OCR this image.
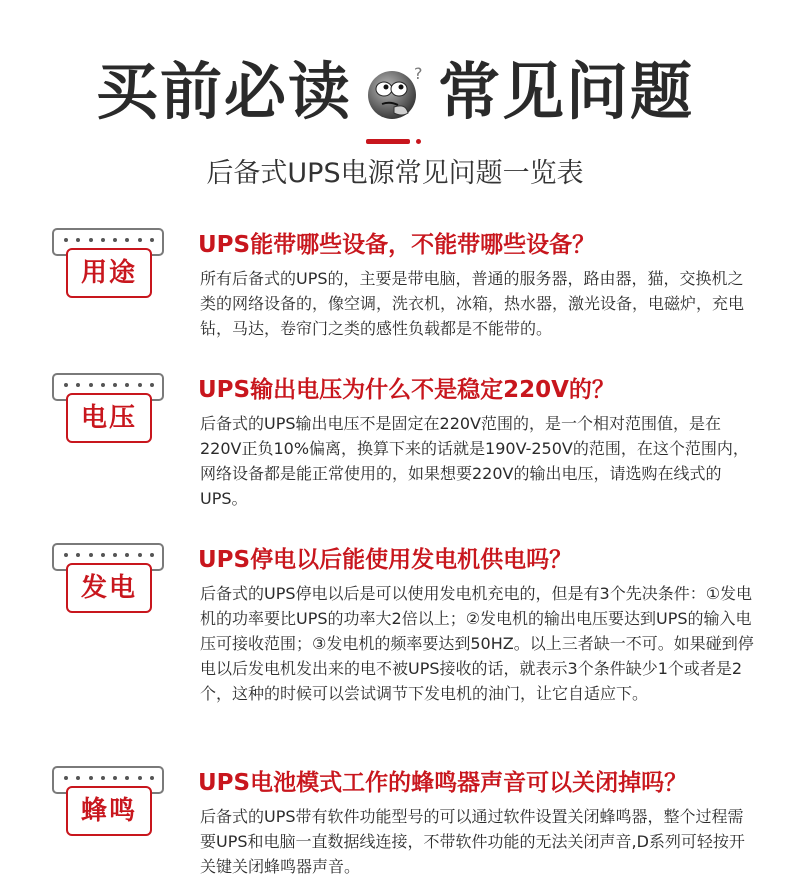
买前必读	? 常见问题
后备式UPS电源常见问题一览表
用途
UPS能带哪些设备，不能带哪些设备？
所有后备式的UPS的，主要是带电脑，普通的服务器，路由器，猫，交换机之类的网络设备的，像空调，洗衣机，冰箱，热水器，激光设备，电磁炉，充电钻，马达，卷帘门之类的感性负载都是不能带的。
电压
UPS输出电压为什么不是稳定220V的？
后备式的UPS输出电压不是固定在220V范围的，是一个相对范围值，是在220V正负10%偏离，换算下来的话就是190V-250V的范围，在这个范围内，网络设备都是能正常使用的，如果想要220V的输出电压，请选购在线式的UPS。
发电
UPS停电以后能使用发电机供电吗？
后备式的UPS停电以后是可以使用发电机充电的，但是有3个先决条件：①发电机的功率要比UPS的功率大2倍以上；②发电机的输出电压要达到UPS的输入电压可接收范围；③发电机的频率要达到50HZ。以上三者缺一不可。如果碰到停电以后发电机发出来的电不被UPS接收的话，就表示3个条件缺少1个或者是2个，这种的时候可以尝试调节下发电机的油门，让它自适应下。
蜂鸣
UPS电池模式工作的蜂鸣器声音可以关闭掉吗？
后备式的UPS带有软件功能型号的可以通过软件设置关闭蜂鸣器，整个过程需要UPS和电脑一直数据线连接，不带软件功能的无法关闭声音,D系列可轻按开关键关闭蜂鸣器声音。
